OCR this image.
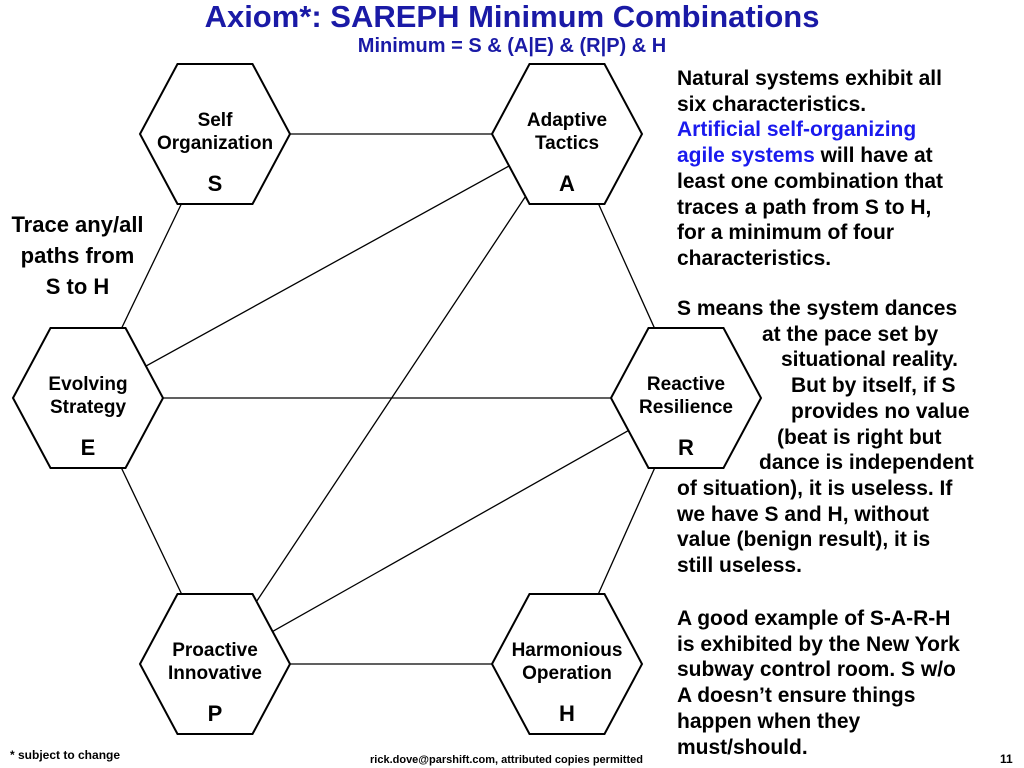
Axiom*: SAREPH Minimum Combinations
Minimum = S & (A|E) & (R|P) & H
Self
Organization
S
Adaptive
Tactics
A
Evolving
Strategy
E
Reactive
Resilience
R
Proactive
Innovative
P
Harmonious
Operation
H
Trace any/all
paths from
S to H
Natural systems exhibit all
six characteristics.
Artificial self-organizing
agile systems will have at
least one combination that
traces a path from S to H,
for a minimum of four
characteristics.
S means the system dances
at the pace set by
situational reality.
But by itself, if S
provides no value
(beat is right but
dance is independent
of situation), it is useless. If
we have S and H, without
value (benign result), it is
still useless.
A good example of S-A-R-H
is exhibited by the New York
subway control room. S w/o
A doesn’t ensure things
happen when they
must/should.
* subject to change	rick.dove@parshift.com, attributed copies permitted	11
